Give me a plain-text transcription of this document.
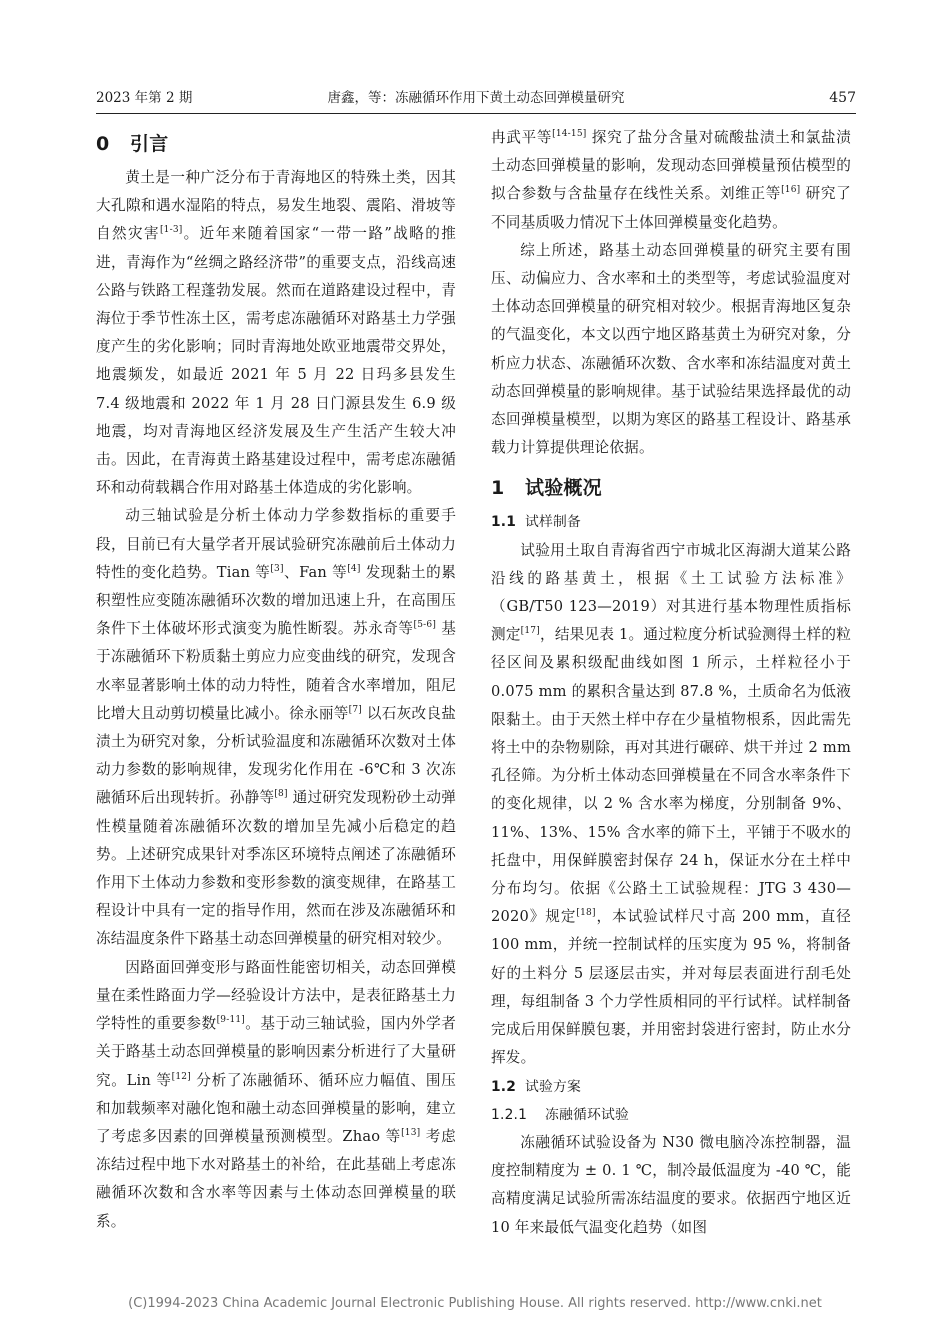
2023 年第 2 期	唐鑫，等：冻融循环作用下黄土动态回弹模量研究	457
0 引言

黄土是一种广泛分布于青海地区的特殊土类，因其大孔隙和遇水湿陷的特点，易发生地裂、震陷、滑坡等自然灾害[1-3]。近年来随着国家“一带一路”战略的推进，青海作为“丝绸之路经济带”的重要支点，沿线高速公路与铁路工程蓬勃发展。然而在道路建设过程中，青海位于季节性冻土区，需考虑冻融循环对路基土力学强度产生的劣化影响；同时青海地处欧亚地震带交界处，地震频发，如最近 2021 年 5 月 22 日玛多县发生 7.4 级地震和 2022 年 1 月 28 日门源县发生 6.9 级地震，均对青海地区经济发展及生产生活产生较大冲击。因此，在青海黄土路基建设过程中，需考虑冻融循环和动荷载耦合作用对路基土体造成的劣化影响。

动三轴试验是分析土体动力学参数指标的重要手段，目前已有大量学者开展试验研究冻融前后土体动力特性的变化趋势。Tian 等[3]、Fan 等[4] 发现黏土的累积塑性应变随冻融循环次数的增加迅速上升，在高围压条件下土体破坏形式演变为脆性断裂。苏永奇等[5-6] 基于冻融循环下粉质黏土剪应力应变曲线的研究，发现含水率显著影响土体的动力特性，随着含水率增加，阻尼比增大且动剪切模量比减小。徐永丽等[7] 以石灰改良盐渍土为研究对象，分析试验温度和冻融循环次数对土体动力参数的影响规律，发现劣化作用在 -6℃和 3 次冻融循环后出现转折。孙静等[8] 通过研究发现粉砂土动弹性模量随着冻融循环次数的增加呈先减小后稳定的趋势。上述研究成果针对季冻区环境特点阐述了冻融循环作用下土体动力参数和变形参数的演变规律，在路基工程设计中具有一定的指导作用，然而在涉及冻融循环和冻结温度条件下路基土动态回弹模量的研究相对较少。

因路面回弹变形与路面性能密切相关，动态回弹模量在柔性路面力学—经验设计方法中，是表征路基土力学特性的重要参数[9-11]。基于动三轴试验，国内外学者关于路基土动态回弹模量的影响因素分析进行了大量研究。Lin 等[12] 分析了冻融循环、循环应力幅值、围压和加载频率对融化饱和融土动态回弹模量的影响，建立了考虑多因素的回弹模量预测模型。Zhao 等[13] 考虑冻结过程中地下水对路基土的补给，在此基础上考虑冻融循环次数和含水率等因素与土体动态回弹模量的联系。

冉武平等[14-15] 探究了盐分含量对硫酸盐渍土和氯盐渍土动态回弹模量的影响，发现动态回弹模量预估模型的拟合参数与含盐量存在线性关系。刘维正等[16] 研究了不同基质吸力情况下土体回弹模量变化趋势。

综上所述，路基土动态回弹模量的研究主要有围压、动偏应力、含水率和土的类型等，考虑试验温度对土体动态回弹模量的研究相对较少。根据青海地区复杂的气温变化，本文以西宁地区路基黄土为研究对象，分析应力状态、冻融循环次数、含水率和冻结温度对黄土动态回弹模量的影响规律。基于试验结果选择最优的动态回弹模量模型，以期为寒区的路基工程设计、路基承载力计算提供理论依据。

1 试验概况
1.1 试样制备

试验用土取自青海省西宁市城北区海湖大道某公路沿线的路基黄土，根据《土工试验方法标准》（GB/T50 123—2019）对其进行基本物理性质指标测定[17]，结果见表 1。通过粒度分析试验测得土样的粒径区间及累积级配曲线如图 1 所示，土样粒径小于 0.075 mm 的累积含量达到 87.8 %，土质命名为低液限黏土。由于天然土样中存在少量植物根系，因此需先将土中的杂物剔除，再对其进行碾碎、烘干并过 2 mm 孔径筛。为分析土体动态回弹模量在不同含水率条件下的变化规律，以 2 % 含水率为梯度，分别制备 9%、11%、13%、15% 含水率的筛下土，平铺于不吸水的托盘中，用保鲜膜密封保存 24 h，保证水分在土样中分布均匀。依据《公路土工试验规程：JTG 3 430—2020》规定[18]，本试验试样尺寸高 200 mm，直径 100 mm，并统一控制试样的压实度为 95 %，将制备好的土料分 5 层逐层击实，并对每层表面进行刮毛处理，每组制备 3 个力学性质相同的平行试样。试样制备完成后用保鲜膜包裹，并用密封袋进行密封，防止水分挥发。

1.2 试验方案
1.2.1 冻融循环试验

冻融循环试验设备为 N30 微电脑冷冻控制器，温度控制精度为 ± 0. 1 ℃，制冷最低温度为 -40 ℃，能高精度满足试验所需冻结温度的要求。依据西宁地区近 10 年来最低气温变化趋势（如图

(C)1994-2023 China Academic Journal Electronic Publishing House. All rights reserved. http://www.cnki.net
